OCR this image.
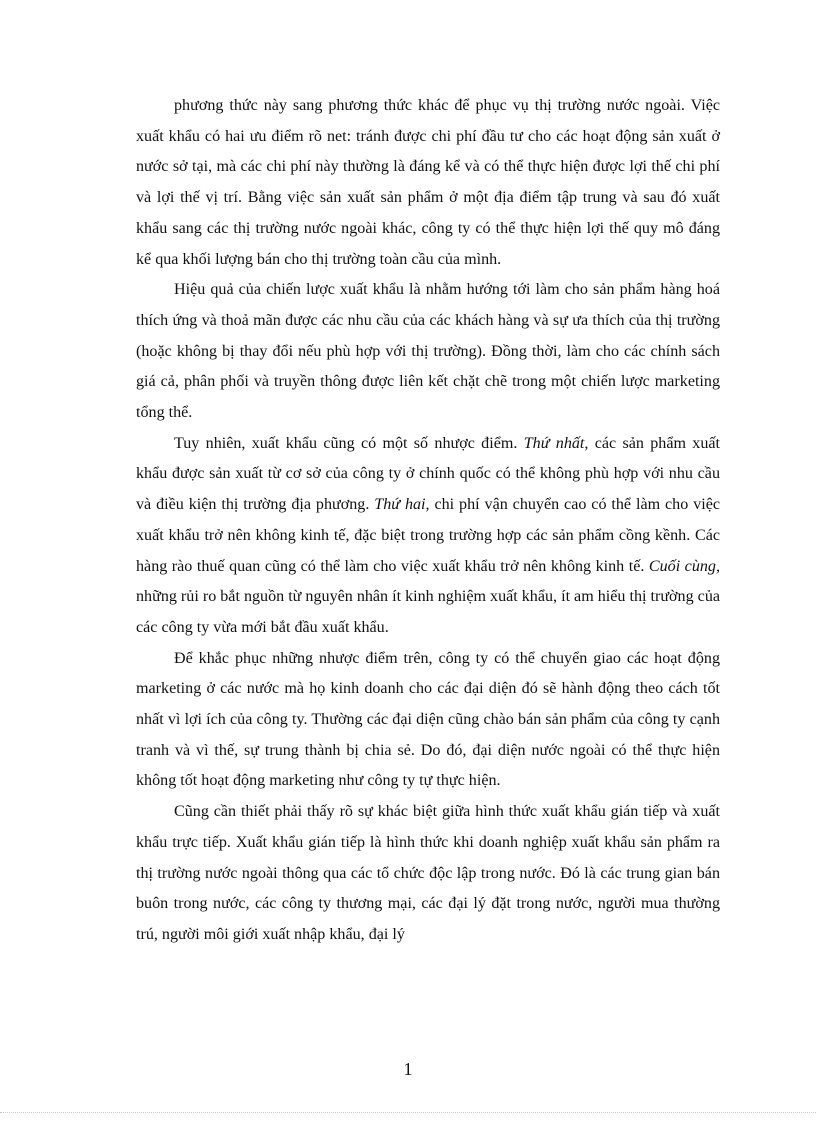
phương thức này sang phương thức khác để phục vụ thị trường nước ngoài. Việc xuất khẩu có hai ưu điểm rõ net: tránh được chi phí đầu tư cho các hoạt động sản xuất ở nước sở tại, mà các chi phí này thường là đáng kể và có thể thực hiện được lợi thế chi phí và lợi thế vị trí. Bằng việc sản xuất sản phẩm ở một địa điểm tập trung và sau đó xuất khẩu sang các thị trường nước ngoài khác, công ty có thể thực hiện lợi thế quy mô đáng kể qua khối lượng bán cho thị trường toàn cầu của mình.

Hiệu quả của chiến lược xuất khẩu là nhằm hướng tới làm cho sản phẩm hàng hoá thích ứng và thoả mãn được các nhu cầu của các khách hàng và sự ưa thích của thị trường (hoặc không bị thay đổi nếu phù hợp với thị trường). Đồng thời, làm cho các chính sách giá cả, phân phối và truyền thông được liên kết chặt chẽ trong một chiến lược marketing tổng thể.

Tuy nhiên, xuất khẩu cũng có một số nhược điểm. Thứ nhất, các sản phẩm xuất khẩu được sản xuất từ cơ sở của công ty ở chính quốc có thể không phù hợp với nhu cầu và điều kiện thị trường địa phương. Thứ hai, chi phí vận chuyển cao có thể làm cho việc xuất khẩu trở nên không kinh tế, đặc biệt trong trường hợp các sản phẩm cồng kềnh. Các hàng rào thuế quan cũng có thể làm cho việc xuất khẩu trở nên không kinh tế. Cuối cùng, những rủi ro bắt nguồn từ nguyên nhân ít kinh nghiệm xuất khẩu, ít am hiểu thị trường của các công ty vừa mới bắt đầu xuất khẩu.

Để khắc phục những nhược điểm trên, công ty có thể chuyển giao các hoạt động marketing ở các nước mà họ kinh doanh cho các đại diện đó sẽ hành động theo cách tốt nhất vì lợi ích của công ty. Thường các đại diện cũng chào bán sản phẩm của công ty cạnh tranh và vì thế, sự trung thành bị chia sẻ. Do đó, đại diện nước ngoài có thể thực hiện không tốt hoạt động marketing như công ty tự thực hiện.

Cũng cần thiết phải thấy rõ sự khác biệt giữa hình thức xuất khẩu gián tiếp và xuất khẩu trực tiếp. Xuất khẩu gián tiếp là hình thức khi doanh nghiệp xuất khẩu sản phẩm ra thị trường nước ngoài thông qua các tổ chức độc lập trong nước. Đó là các trung gian bán buôn trong nước, các công ty thương mại, các đại lý đặt trong nước, người mua thường trú, người môi giới xuất nhập khẩu, đại lý

1
